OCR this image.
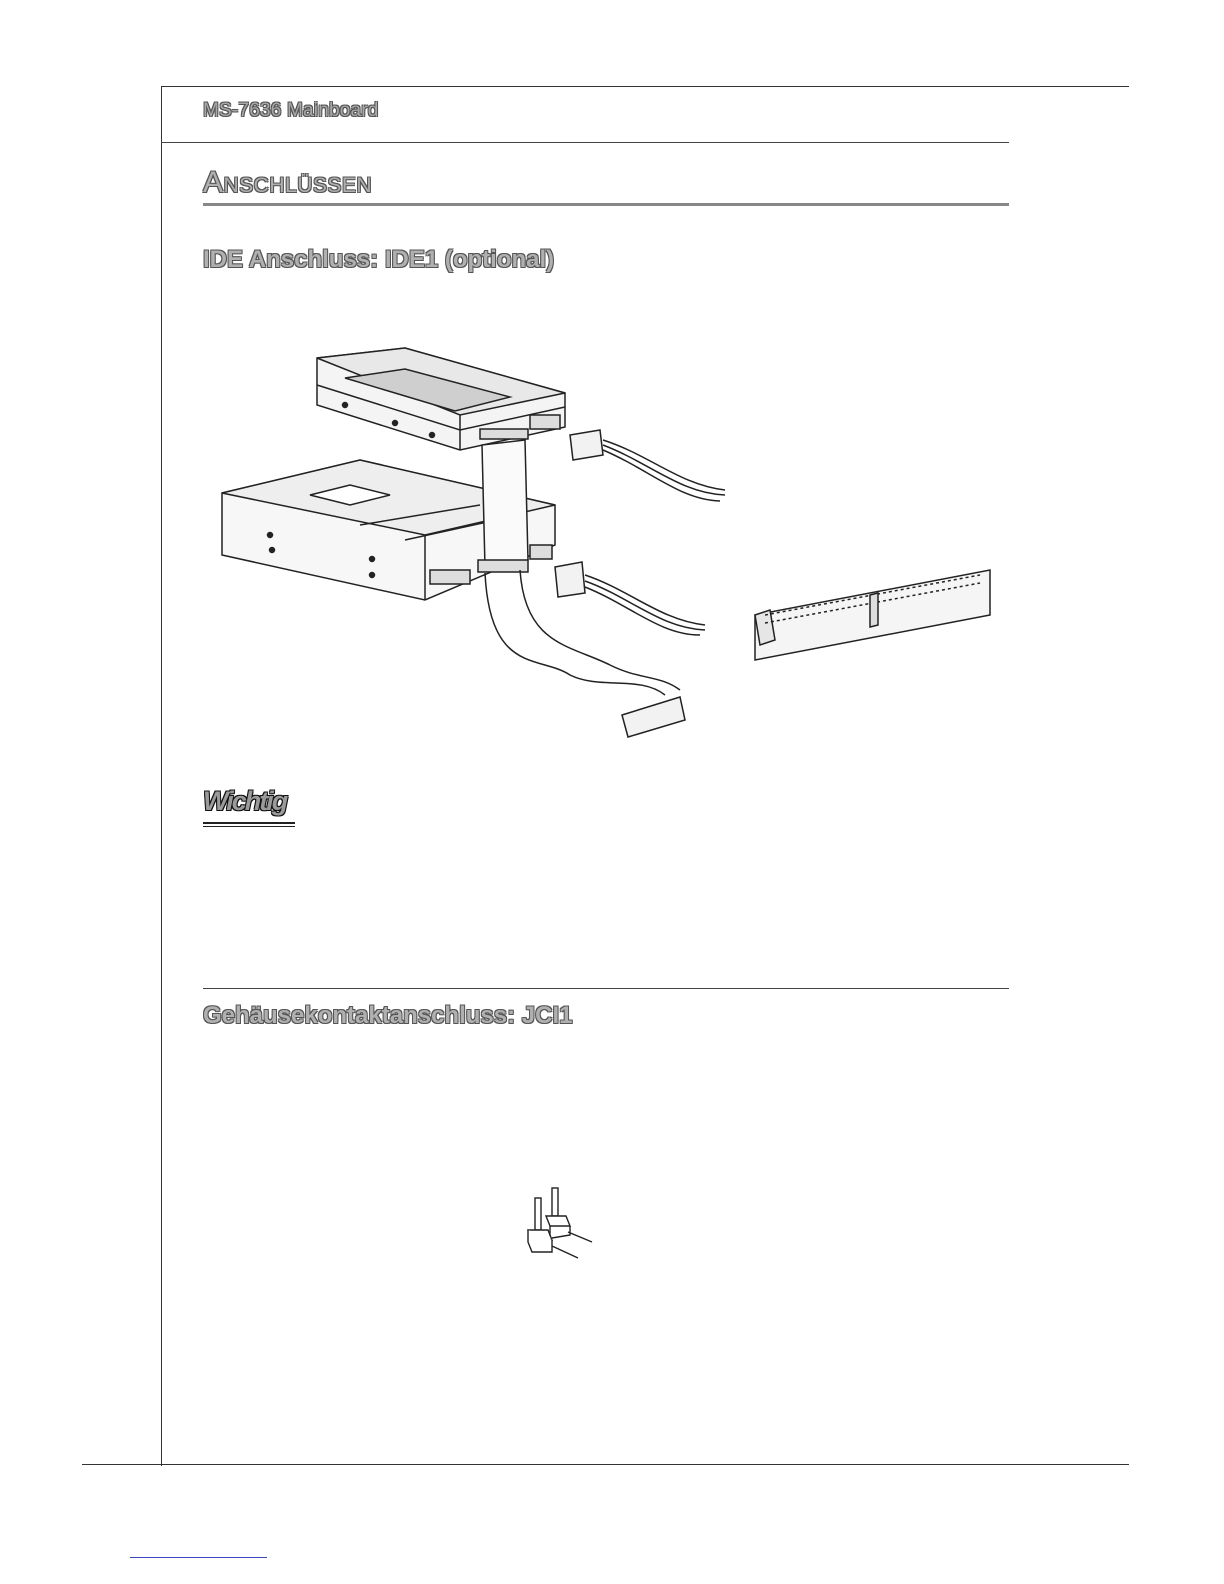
MS-7636 Mainboard
Anschlüssen
IDE Anschluss: IDE1 (optional)
Wichtig
Gehäusekontaktanschluss: JCI1
